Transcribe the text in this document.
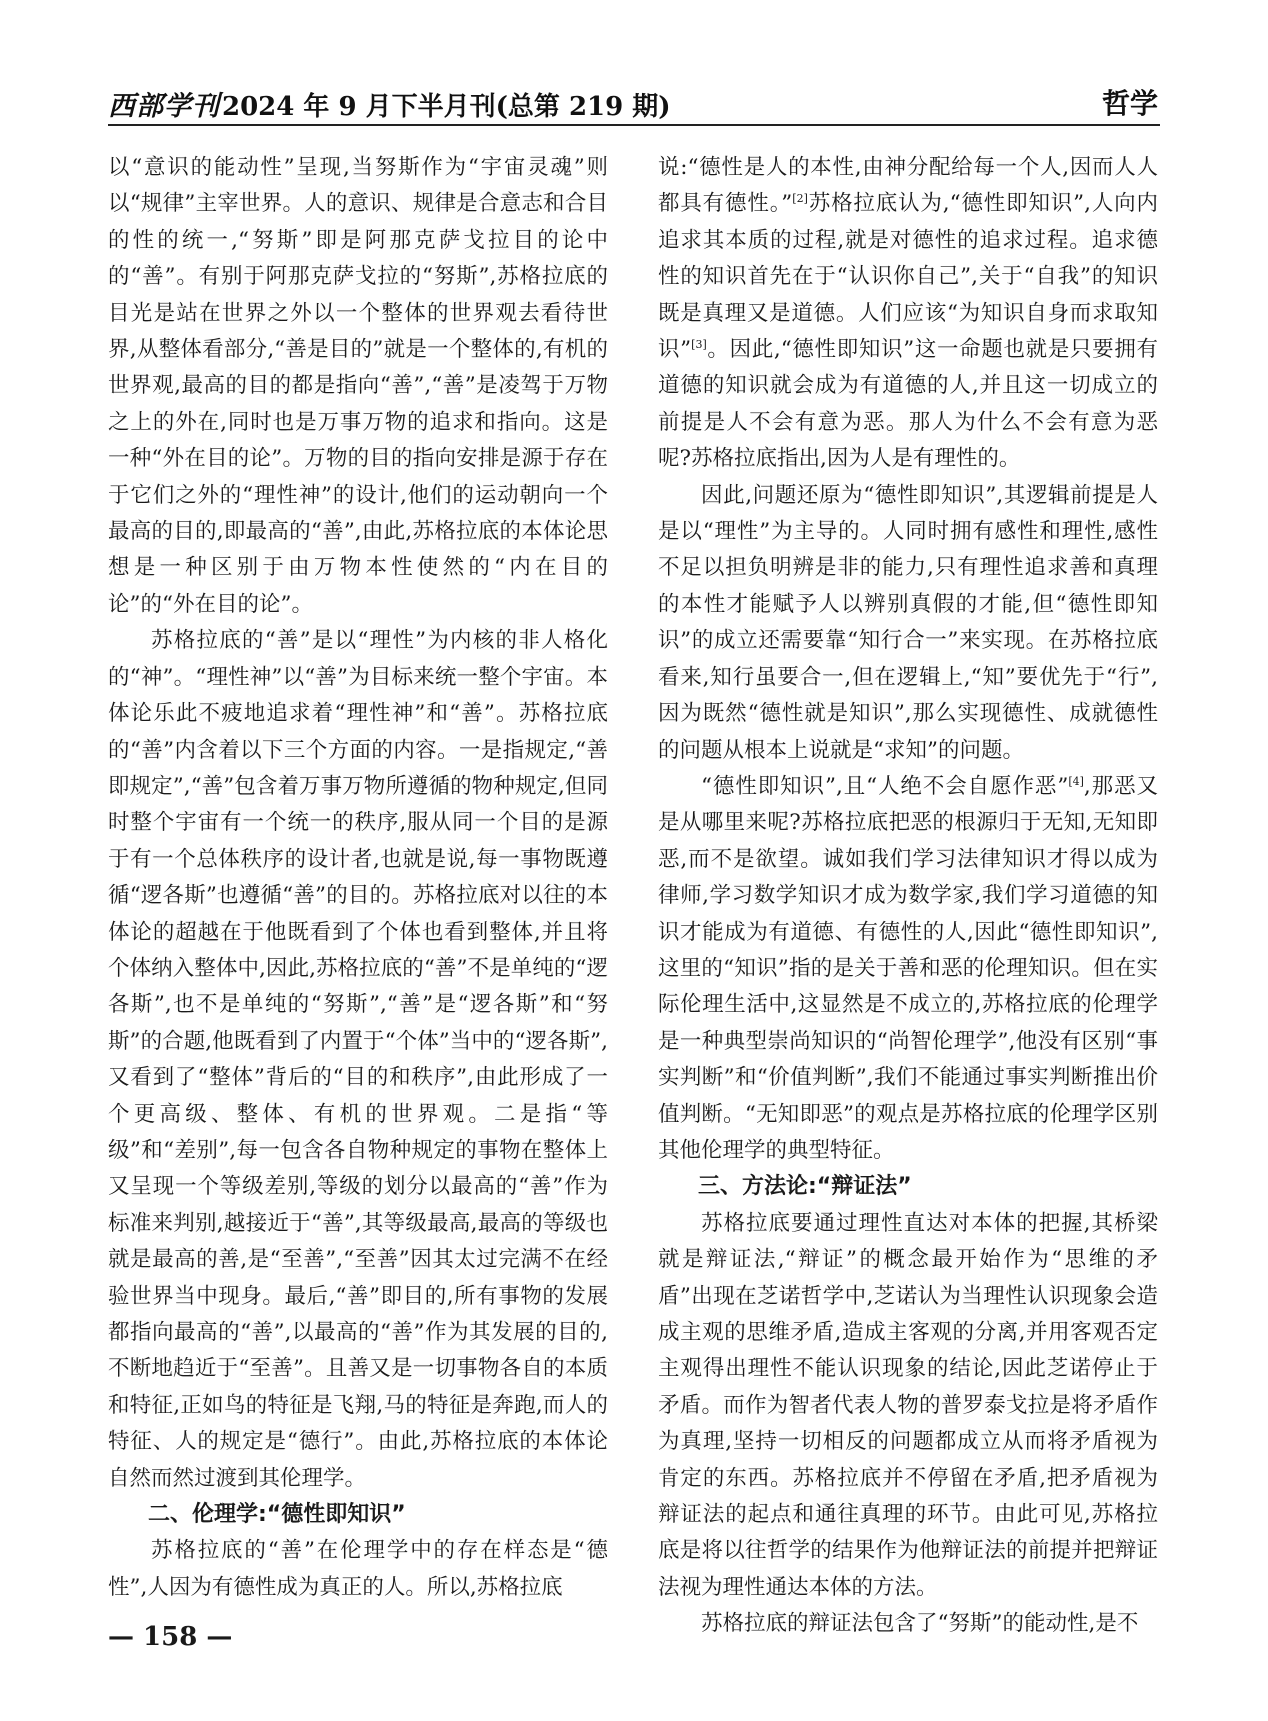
西部学刊 2024 年 9 月下半月刊(总第 219 期)	哲学

以“意识的能动性”呈现,当努斯作为“宇宙灵魂”则以“规律”主宰世界。人的意识、规律是合意志和合目的性的统一,“努斯”即是阿那克萨戈拉目的论中的“善”。有别于阿那克萨戈拉的“努斯”,苏格拉底的目光是站在世界之外以一个整体的世界观去看待世界,从整体看部分,“善是目的”就是一个整体的,有机的世界观,最高的目的都是指向“善”,“善”是凌驾于万物之上的外在,同时也是万事万物的追求和指向。这是一种“外在目的论”。万物的目的指向安排是源于存在于它们之外的“理性神”的设计,他们的运动朝向一个最高的目的,即最高的“善”,由此,苏格拉底的本体论思想是一种区别于由万物本性使然的“内在目的论”的“外在目的论”。

苏格拉底的“善”是以“理性”为内核的非人格化的“神”。“理性神”以“善”为目标来统一整个宇宙。本体论乐此不疲地追求着“理性神”和“善”。苏格拉底的“善”内含着以下三个方面的内容。一是指规定,“善即规定”,“善”包含着万事万物所遵循的物种规定,但同时整个宇宙有一个统一的秩序,服从同一个目的是源于有一个总体秩序的设计者,也就是说,每一事物既遵循“逻各斯”也遵循“善”的目的。苏格拉底对以往的本体论的超越在于他既看到了个体也看到整体,并且将个体纳入整体中,因此,苏格拉底的“善”不是单纯的“逻各斯”,也不是单纯的“努斯”,“善”是“逻各斯”和“努斯”的合题,他既看到了内置于“个体”当中的“逻各斯”,又看到了“整体”背后的“目的和秩序”,由此形成了一个更高级、整体、有机的世界观。二是指“等级”和“差别”,每一包含各自物种规定的事物在整体上又呈现一个等级差别,等级的划分以最高的“善”作为标准来判别,越接近于“善”,其等级最高,最高的等级也就是最高的善,是“至善”,“至善”因其太过完满不在经验世界当中现身。最后,“善”即目的,所有事物的发展都指向最高的“善”,以最高的“善”作为其发展的目的,不断地趋近于“至善”。且善又是一切事物各自的本质和特征,正如鸟的特征是飞翔,马的特征是奔跑,而人的特征、人的规定是“德行”。由此,苏格拉底的本体论自然而然过渡到其伦理学。

二、伦理学:“德性即知识”

苏格拉底的“善”在伦理学中的存在样态是“德性”,人因为有德性成为真正的人。所以,苏格拉底

说:“德性是人的本性,由神分配给每一个人,因而人人都具有德性。”[2]苏格拉底认为,“德性即知识”,人向内追求其本质的过程,就是对德性的追求过程。追求德性的知识首先在于“认识你自己”,关于“自我”的知识既是真理又是道德。人们应该“为知识自身而求取知识”[3]。因此,“德性即知识”这一命题也就是只要拥有道德的知识就会成为有道德的人,并且这一切成立的前提是人不会有意为恶。那人为什么不会有意为恶呢?苏格拉底指出,因为人是有理性的。

因此,问题还原为“德性即知识”,其逻辑前提是人是以“理性”为主导的。人同时拥有感性和理性,感性不足以担负明辨是非的能力,只有理性追求善和真理的本性才能赋予人以辨别真假的才能,但“德性即知识”的成立还需要靠“知行合一”来实现。在苏格拉底看来,知行虽要合一,但在逻辑上,“知”要优先于“行”,因为既然“德性就是知识”,那么实现德性、成就德性的问题从根本上说就是“求知”的问题。

“德性即知识”,且“人绝不会自愿作恶”[4],那恶又是从哪里来呢?苏格拉底把恶的根源归于无知,无知即恶,而不是欲望。诚如我们学习法律知识才得以成为律师,学习数学知识才成为数学家,我们学习道德的知识才能成为有道德、有德性的人,因此“德性即知识”,这里的“知识”指的是关于善和恶的伦理知识。但在实际伦理生活中,这显然是不成立的,苏格拉底的伦理学是一种典型崇尚知识的“尚智伦理学”,他没有区别“事实判断”和“价值判断”,我们不能通过事实判断推出价值判断。“无知即恶”的观点是苏格拉底的伦理学区别其他伦理学的典型特征。

三、方法论:“辩证法”

苏格拉底要通过理性直达对本体的把握,其桥梁就是辩证法,“辩证”的概念最开始作为“思维的矛盾”出现在芝诺哲学中,芝诺认为当理性认识现象会造成主观的思维矛盾,造成主客观的分离,并用客观否定主观得出理性不能认识现象的结论,因此芝诺停止于矛盾。而作为智者代表人物的普罗泰戈拉是将矛盾作为真理,坚持一切相反的问题都成立从而将矛盾视为肯定的东西。苏格拉底并不停留在矛盾,把矛盾视为辩证法的起点和通往真理的环节。由此可见,苏格拉底是将以往哲学的结果作为他辩证法的前提并把辩证法视为理性通达本体的方法。

苏格拉底的辩证法包含了“努斯”的能动性,是不

— 158 —
